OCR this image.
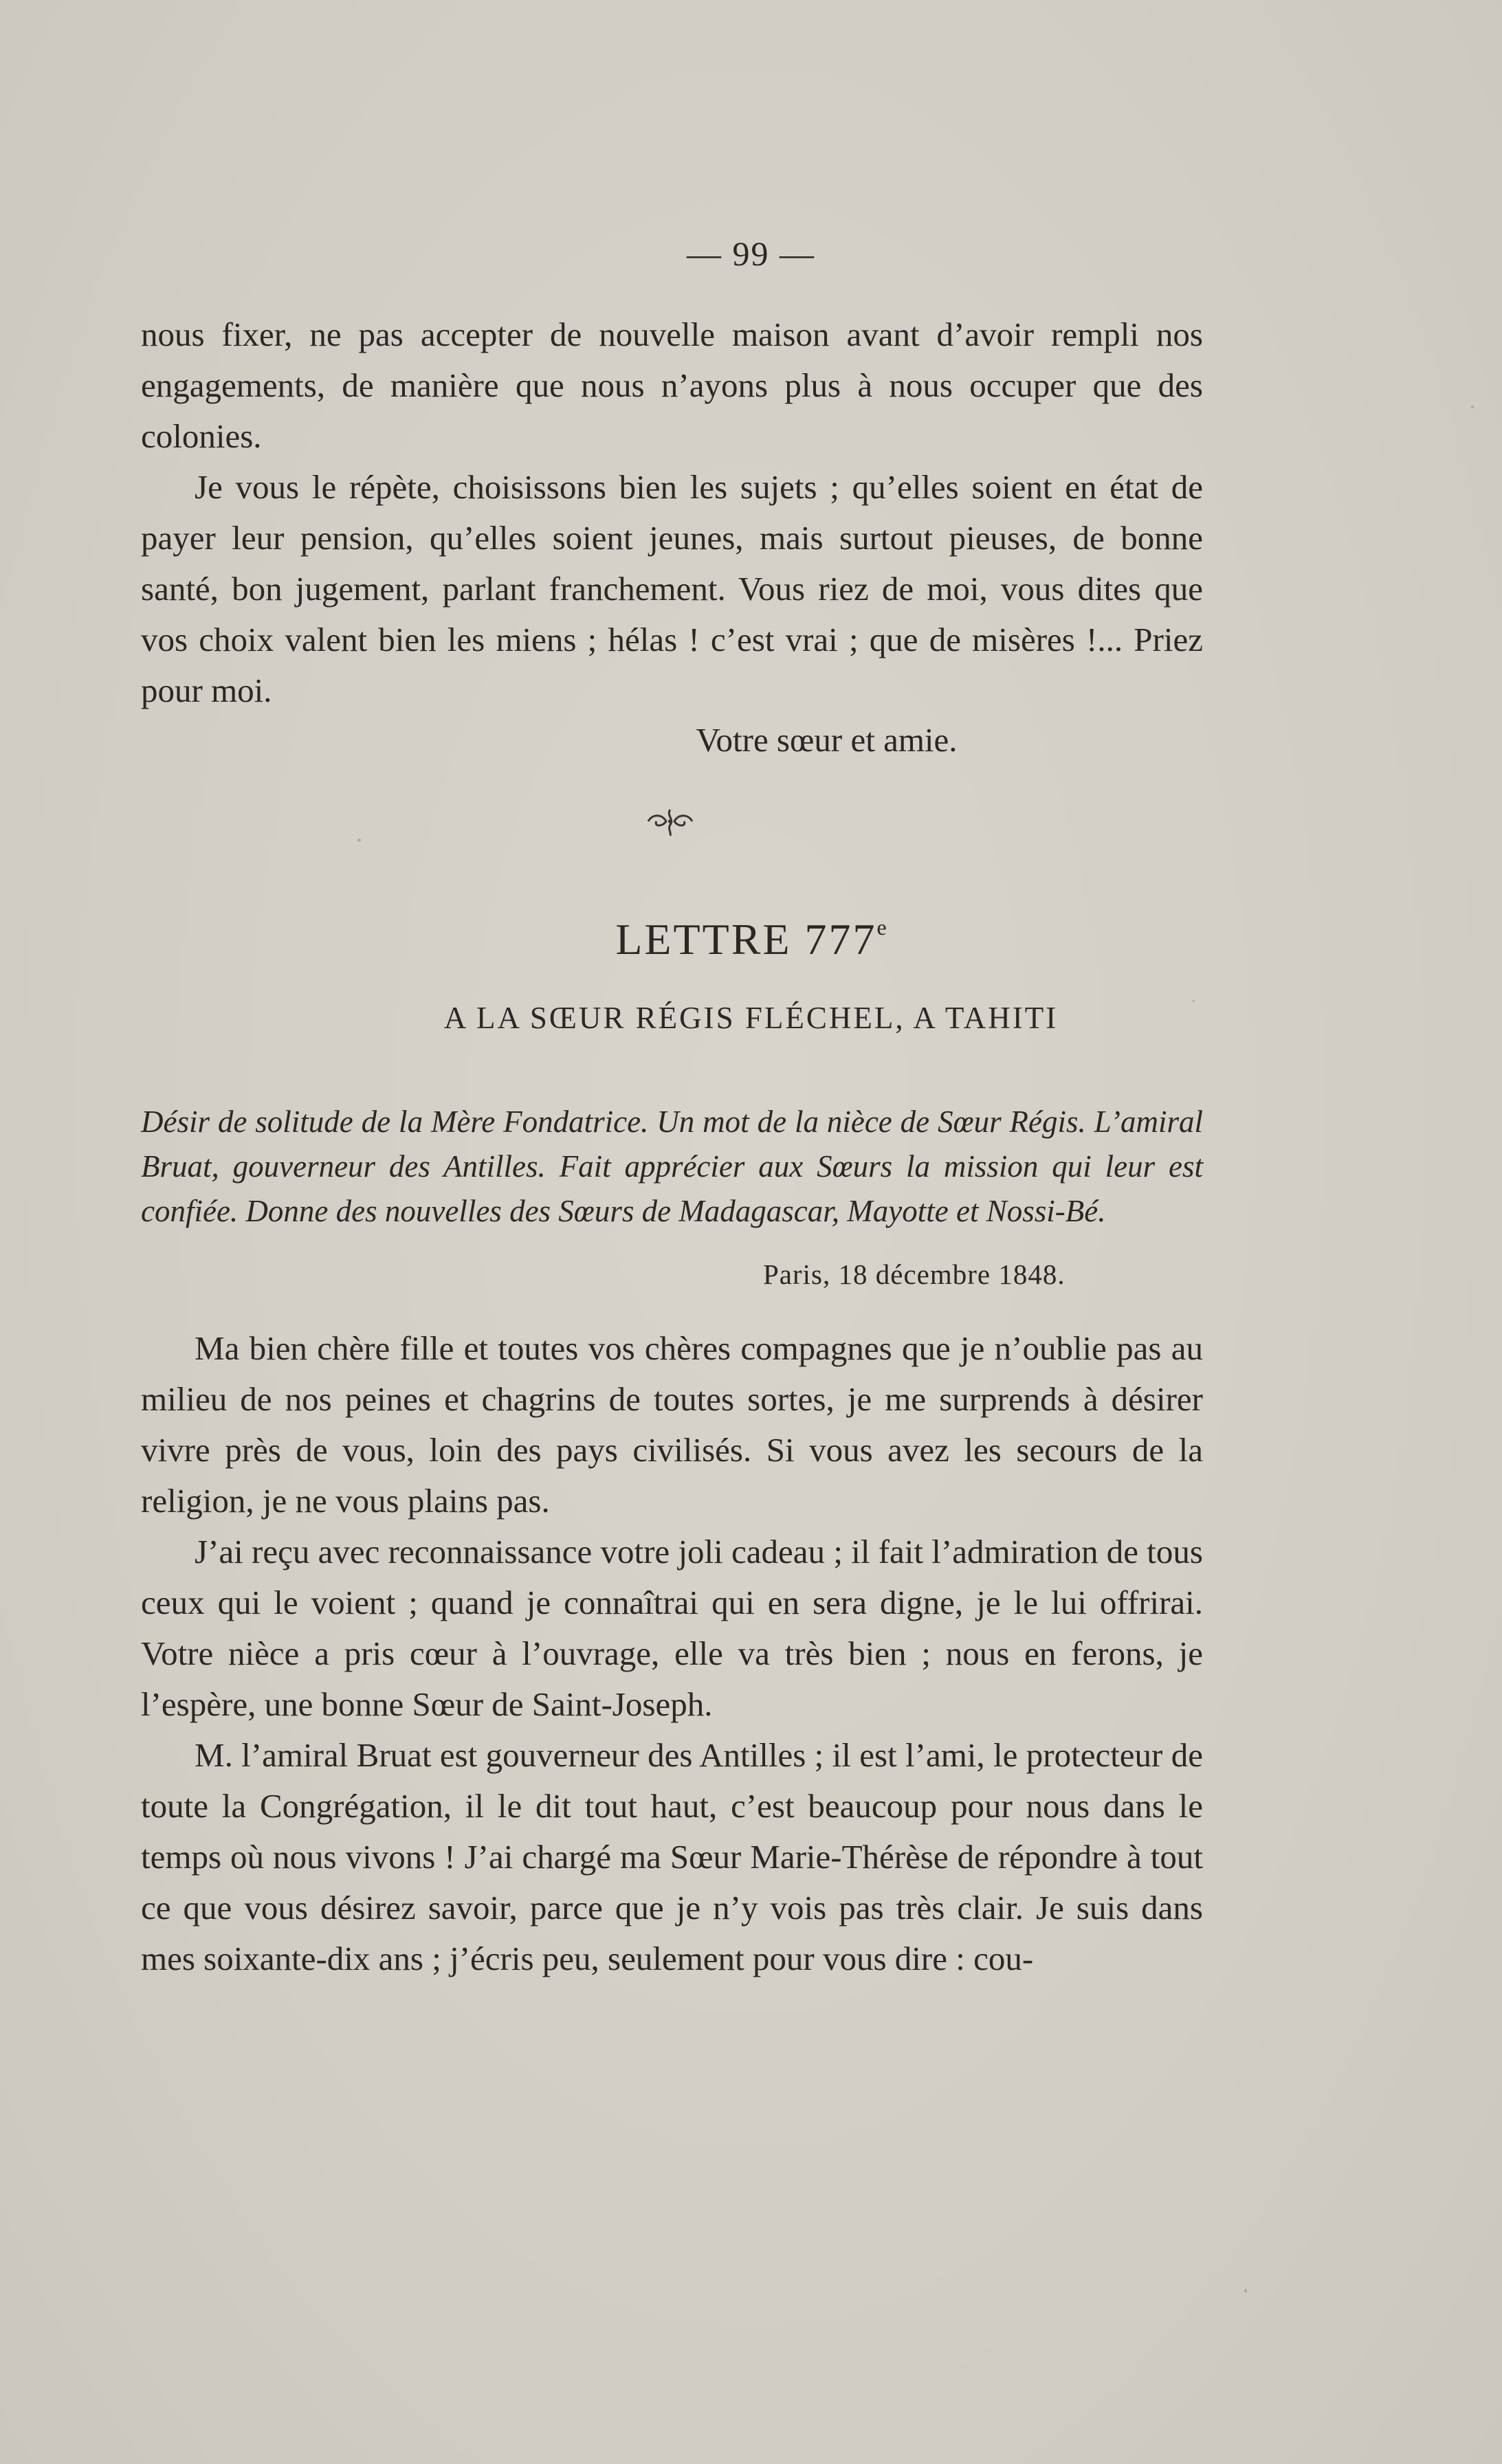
— 99 —

nous fixer, ne pas accepter de nouvelle maison avant d’avoir rempli nos engagements, de manière que nous n’ayons plus à nous occuper que des colonies.

Je vous le répète, choisissons bien les sujets ; qu’elles soient en état de payer leur pension, qu’elles soient jeunes, mais surtout pieuses, de bonne santé, bon jugement, parlant franchement. Vous riez de moi, vous dites que vos choix valent bien les miens ; hélas ! c’est vrai ; que de misères !... Priez pour moi.

Votre sœur et amie.
LETTRE 777e
A LA SŒUR RÉGIS FLÉCHEL, A TAHITI

Désir de solitude de la Mère Fondatrice. Un mot de la nièce de Sœur Régis. L’amiral Bruat, gouverneur des Antilles. Fait apprécier aux Sœurs la mission qui leur est confiée. Donne des nouvelles des Sœurs de Madagascar, Mayotte et Nossi-Bé.

Paris, 18 décembre 1848.

Ma bien chère fille et toutes vos chères compagnes que je n’oublie pas au milieu de nos peines et chagrins de toutes sortes, je me surprends à désirer vivre près de vous, loin des pays civilisés. Si vous avez les secours de la religion, je ne vous plains pas.

J’ai reçu avec reconnaissance votre joli cadeau ; il fait l’admiration de tous ceux qui le voient ; quand je connaîtrai qui en sera digne, je le lui offrirai. Votre nièce a pris cœur à l’ouvrage, elle va très bien ; nous en ferons, je l’espère, une bonne Sœur de Saint-Joseph.

M. l’amiral Bruat est gouverneur des Antilles ; il est l’ami, le protecteur de toute la Congrégation, il le dit tout haut, c’est beaucoup pour nous dans le temps où nous vivons ! J’ai chargé ma Sœur Marie-Thérèse de répondre à tout ce que vous désirez savoir, parce que je n’y vois pas très clair. Je suis dans mes soixante-dix ans ; j’écris peu, seulement pour vous dire : cou-
